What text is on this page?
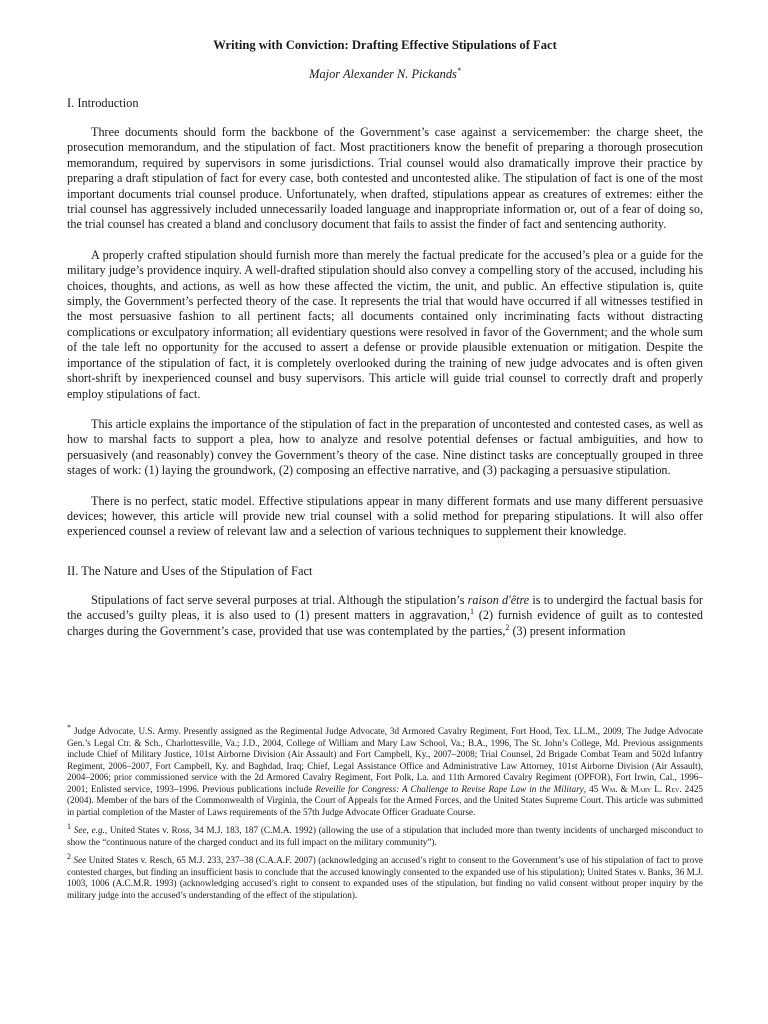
Writing with Conviction: Drafting Effective Stipulations of Fact
Major Alexander N. Pickands*
I. Introduction

Three documents should form the backbone of the Government’s case against a servicemember: the charge sheet, the prosecution memorandum, and the stipulation of fact. Most practitioners know the benefit of preparing a thorough prosecution memorandum, required by supervisors in some jurisdictions. Trial counsel would also dramatically improve their practice by preparing a draft stipulation of fact for every case, both contested and uncontested alike. The stipulation of fact is one of the most important documents trial counsel produce. Unfortunately, when drafted, stipulations appear as creatures of extremes: either the trial counsel has aggressively included unnecessarily loaded language and inappropriate information or, out of a fear of doing so, the trial counsel has created a bland and conclusory document that fails to assist the finder of fact and sentencing authority.

A properly crafted stipulation should furnish more than merely the factual predicate for the accused’s plea or a guide for the military judge’s providence inquiry. A well-drafted stipulation should also convey a compelling story of the accused, including his choices, thoughts, and actions, as well as how these affected the victim, the unit, and public. An effective stipulation is, quite simply, the Government’s perfected theory of the case. It represents the trial that would have occurred if all witnesses testified in the most persuasive fashion to all pertinent facts; all documents contained only incriminating facts without distracting complications or exculpatory information; all evidentiary questions were resolved in favor of the Government; and the whole sum of the tale left no opportunity for the accused to assert a defense or provide plausible extenuation or mitigation. Despite the importance of the stipulation of fact, it is completely overlooked during the training of new judge advocates and is often given short-shrift by inexperienced counsel and busy supervisors. This article will guide trial counsel to correctly draft and properly employ stipulations of fact.

This article explains the importance of the stipulation of fact in the preparation of uncontested and contested cases, as well as how to marshal facts to support a plea, how to analyze and resolve potential defenses or factual ambiguities, and how to persuasively (and reasonably) convey the Government’s theory of the case. Nine distinct tasks are conceptually grouped in three stages of work: (1) laying the groundwork, (2) composing an effective narrative, and (3) packaging a persuasive stipulation.

There is no perfect, static model. Effective stipulations appear in many different formats and use many different persuasive devices; however, this article will provide new trial counsel with a solid method for preparing stipulations. It will also offer experienced counsel a review of relevant law and a selection of various techniques to supplement their knowledge.

II. The Nature and Uses of the Stipulation of Fact

Stipulations of fact serve several purposes at trial. Although the stipulation’s raison d'être is to undergird the factual basis for the accused’s guilty pleas, it is also used to (1) present matters in aggravation,$^1$ (2) furnish evidence of guilt as to contested charges during the Government’s case, provided that use was contemplated by the parties,$^2$ (3) present information

* Judge Advocate, U.S. Army. Presently assigned as the Regimental Judge Advocate, 3d Armored Cavalry Regiment, Fort Hood, Tex. LL.M., 2009, The Judge Advocate Gen.’s Legal Ctr. & Sch., Charlottesville, Va.; J.D., 2004, College of William and Mary Law School, Va.; B.A., 1996, The St. John’s College, Md. Previous assignments include Chief of Military Justice, 101st Airborne Division (Air Assault) and Fort Campbell, Ky., 2007–2008; Trial Counsel, 2d Brigade Combat Team and 502d Infantry Regiment, 2006–2007, Fort Campbell, Ky. and Baghdad, Iraq; Chief, Legal Assistance Office and Administrative Law Attorney, 101st Airborne Division (Air Assault), 2004–2006; prior commissioned service with the 2d Armored Cavalry Regiment, Fort Polk, La. and 11th Armored Cavalry Regiment (OPFOR), Fort Irwin, Cal., 1996–2001; Enlisted service, 1993–1996. Previous publications include Reveille for Congress: A Challenge to Revise Rape Law in the Military, 45 Wm. & Mary L. Rev. 2425 (2004). Member of the bars of the Commonwealth of Virginia, the Court of Appeals for the Armed Forces, and the United States Supreme Court. This article was submitted in partial completion of the Master of Laws requirements of the 57th Judge Advocate Officer Graduate Course.

$^1$ See, e.g., United States v. Ross, 34 M.J. 183, 187 (C.M.A. 1992) (allowing the use of a stipulation that included more than twenty incidents of uncharged misconduct to show the “continuous nature of the charged conduct and its full impact on the military community”).

$^2$ See United States v. Resch, 65 M.J. 233, 237–38 (C.A.A.F. 2007) (acknowledging an accused’s right to consent to the Government’s use of his stipulation of fact to prove contested charges, but finding an insufficient basis to conclude that the accused knowingly consented to the expanded use of his stipulation); United States v. Banks, 36 M.J. 1003, 1006 (A.C.M.R. 1993) (acknowledging accused’s right to consent to expanded uses of the stipulation, but finding no valid consent without proper inquiry by the military judge into the accused’s understanding of the effect of the stipulation).
